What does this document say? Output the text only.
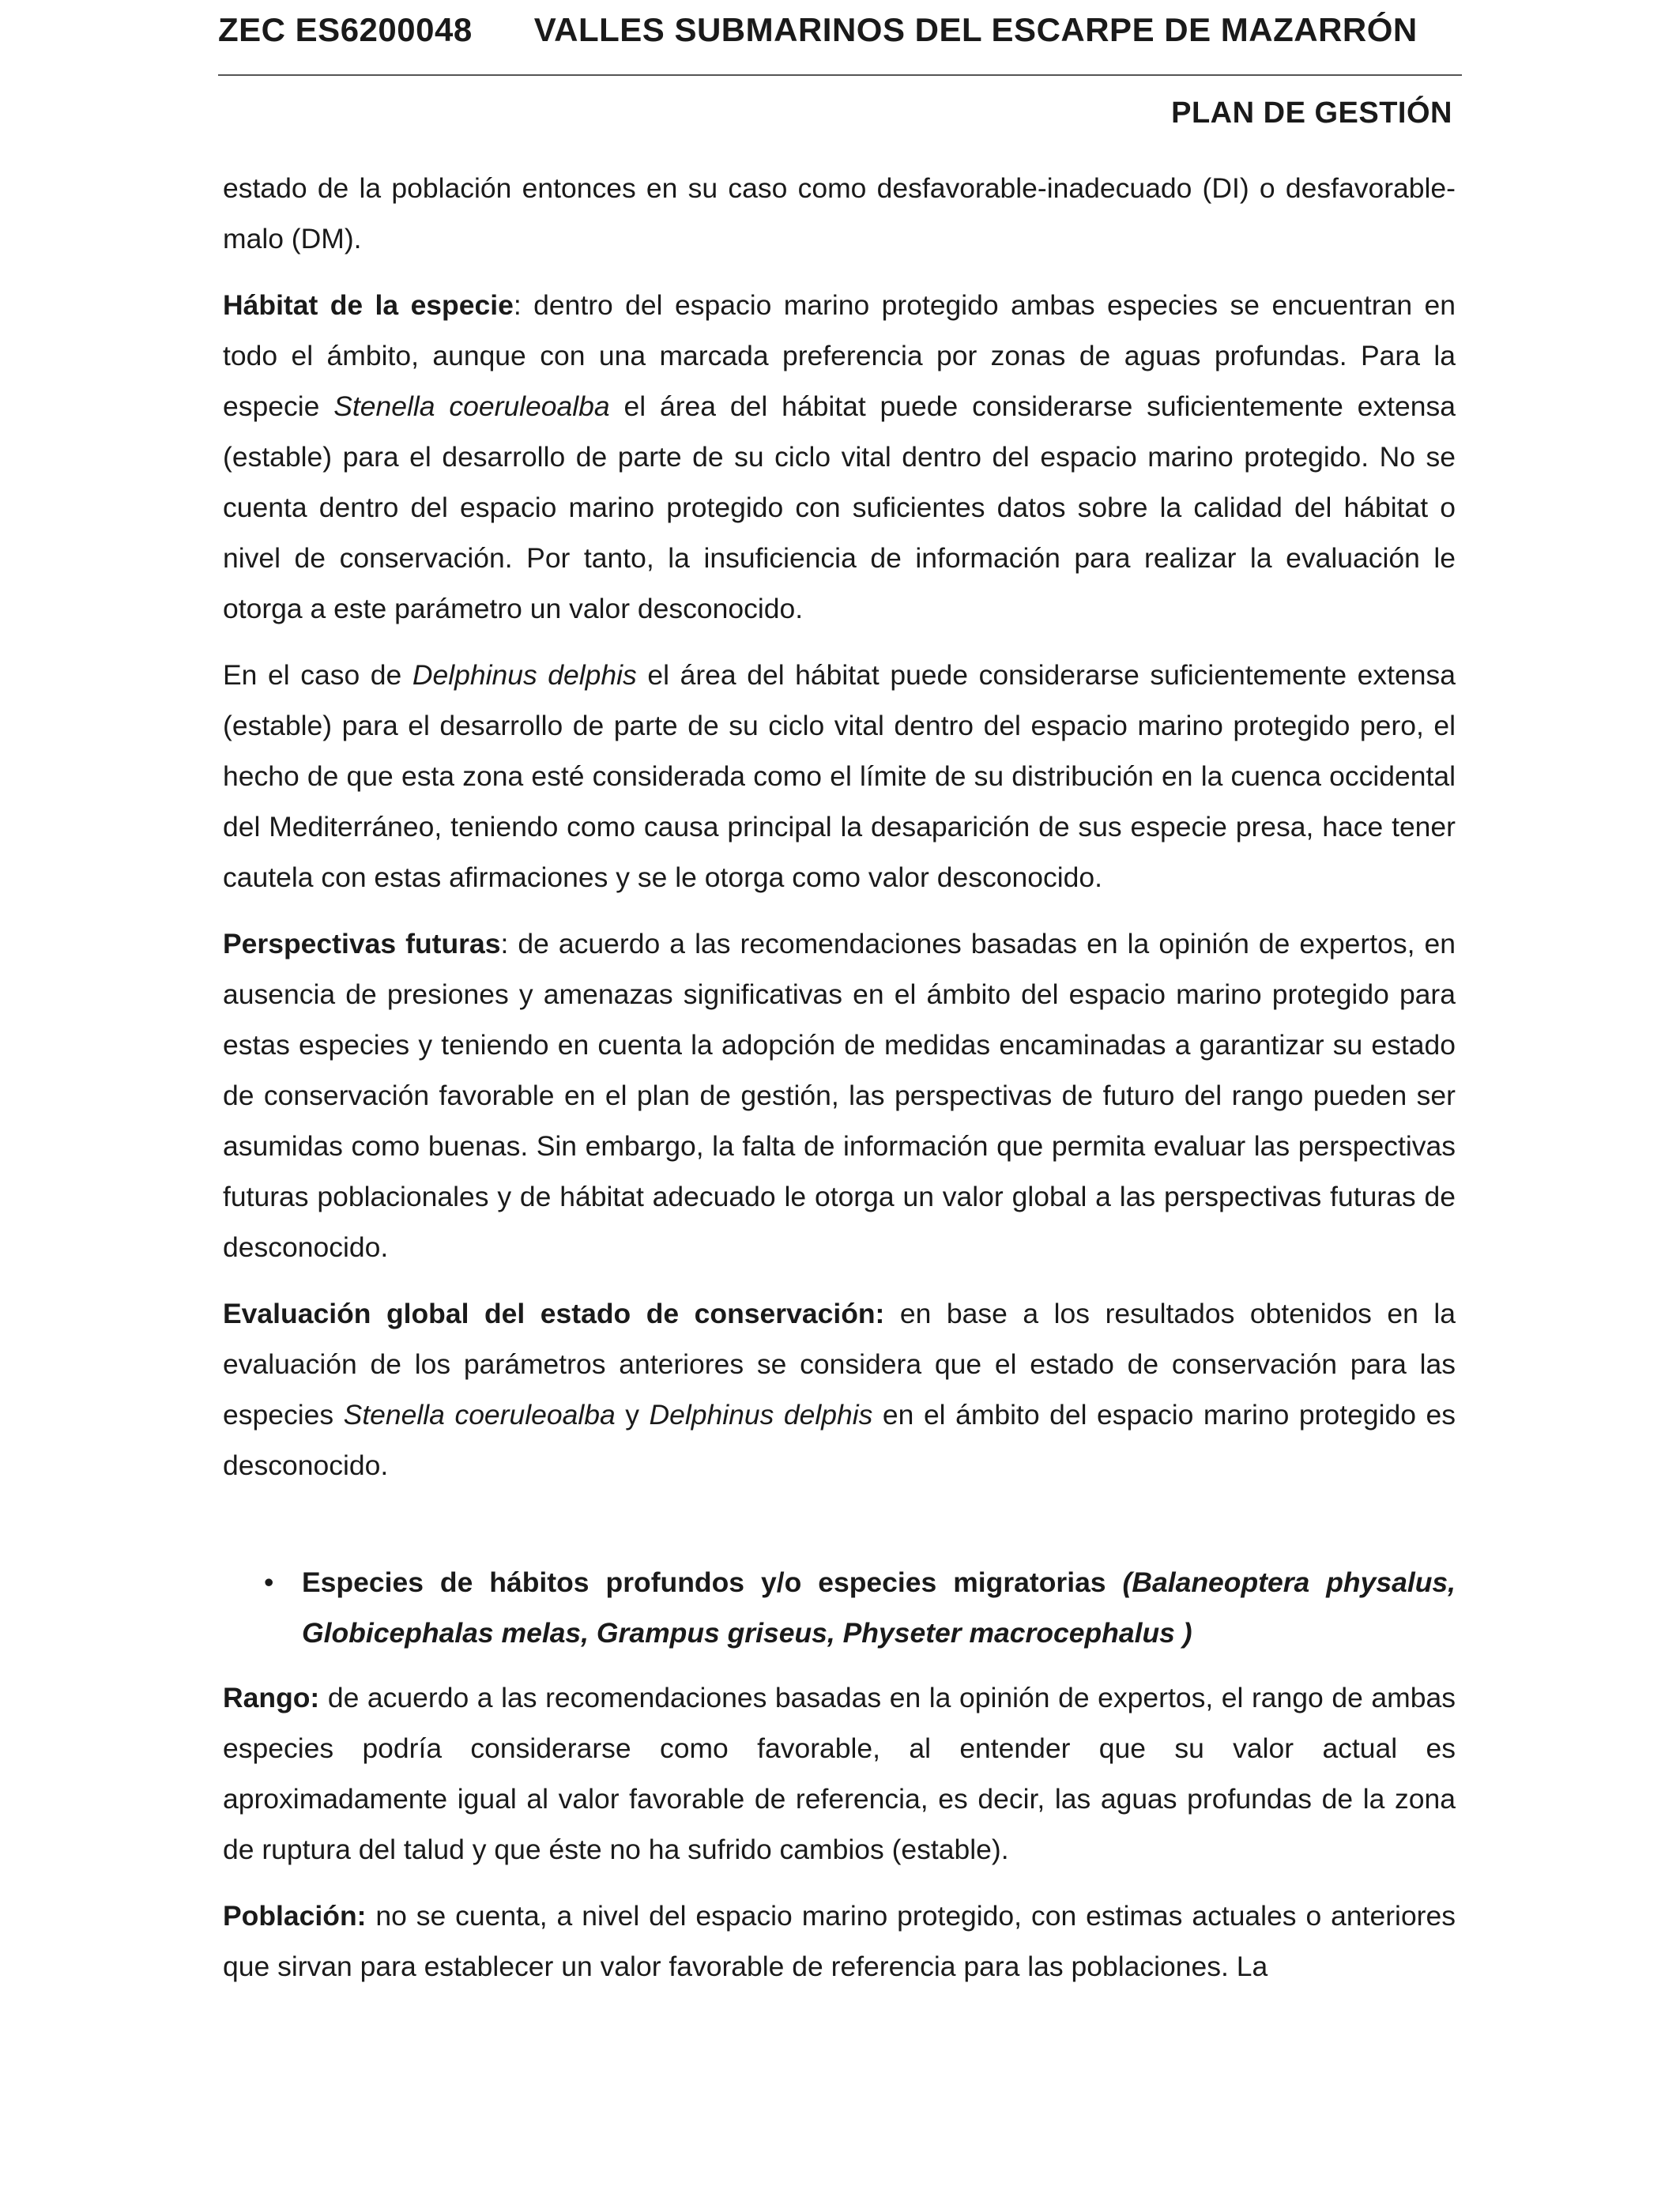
ZEC ES6200048 VALLES SUBMARINOS DEL ESCARPE DE MAZARRÓN
PLAN DE GESTIÓN

estado de la población entonces en su caso como desfavorable-inadecuado (DI) o desfavorable-malo (DM).

Hábitat de la especie: dentro del espacio marino protegido ambas especies se encuentran en todo el ámbito, aunque con una marcada preferencia por zonas de aguas profundas. Para la especie Stenella coeruleoalba el área del hábitat puede considerarse suficientemente extensa (estable) para el desarrollo de parte de su ciclo vital dentro del espacio marino protegido. No se cuenta dentro del espacio marino protegido con suficientes datos sobre la calidad del hábitat o nivel de conservación. Por tanto, la insuficiencia de información para realizar la evaluación le otorga a este parámetro un valor desconocido.

En el caso de Delphinus delphis el área del hábitat puede considerarse suficientemente extensa (estable) para el desarrollo de parte de su ciclo vital dentro del espacio marino protegido pero, el hecho de que esta zona esté considerada como el límite de su distribución en la cuenca occidental del Mediterráneo, teniendo como causa principal la desaparición de sus especie presa, hace tener cautela con estas afirmaciones y se le otorga como valor desconocido.

Perspectivas futuras: de acuerdo a las recomendaciones basadas en la opinión de expertos, en ausencia de presiones y amenazas significativas en el ámbito del espacio marino protegido para estas especies y teniendo en cuenta la adopción de medidas encaminadas a garantizar su estado de conservación favorable en el plan de gestión, las perspectivas de futuro del rango pueden ser asumidas como buenas. Sin embargo, la falta de información que permita evaluar las perspectivas futuras poblacionales y de hábitat adecuado le otorga un valor global a las perspectivas futuras de desconocido.

Evaluación global del estado de conservación: en base a los resultados obtenidos en la evaluación de los parámetros anteriores se considera que el estado de conservación para las especies Stenella coeruleoalba y Delphinus delphis en el ámbito del espacio marino protegido es desconocido.

• Especies de hábitos profundos y/o especies migratorias (Balaneoptera physalus, Globicephalas melas, Grampus griseus, Physeter macrocephalus )

Rango: de acuerdo a las recomendaciones basadas en la opinión de expertos, el rango de ambas especies podría considerarse como favorable, al entender que su valor actual es aproximadamente igual al valor favorable de referencia, es decir, las aguas profundas de la zona de ruptura del talud y que éste no ha sufrido cambios (estable).

Población: no se cuenta, a nivel del espacio marino protegido, con estimas actuales o anteriores que sirvan para establecer un valor favorable de referencia para las poblaciones. La
